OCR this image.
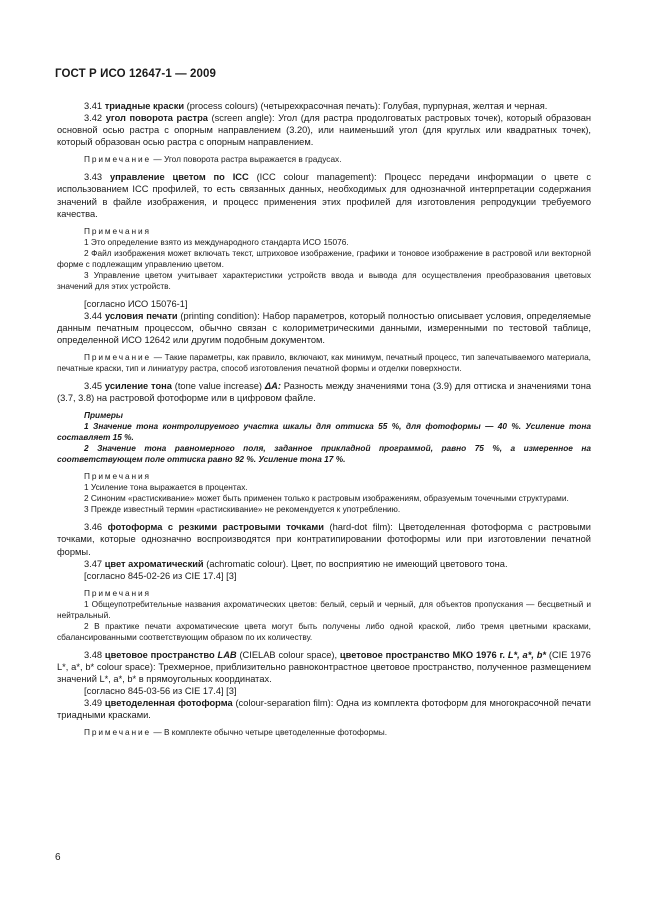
ГОСТ Р ИСО 12647-1 — 2009

3.41 триадные краски (process colours) (четырехкрасочная печать): Голубая, пурпурная, желтая и черная.

3.42 угол поворота растра (screen angle): Угол (для растра продолговатых растровых точек), который образован основной осью растра с опорным направлением (3.20), или наименьший угол (для круглых или квадратных точек), который образован осью растра с опорным направлением.

Примечание — Угол поворота растра выражается в градусах.

3.43 управление цветом по ICC (ICC colour management): Процесс передачи информации о цвете с использованием ICC профилей, то есть связанных данных, необходимых для однозначной интерпретации содержания значений в файле изображения, и процесс применения этих профилей для изготовления репродукции требуемого качества.

Примечания

1 Это определение взято из международного стандарта ИСО 15076.

2 Файл изображения может включать текст, штриховое изображение, графики и тоновое изображение в растровой или векторной форме с подлежащим управлению цветом.

3 Управление цветом учитывает характеристики устройств ввода и вывода для осуществления преобразования цветовых значений для этих устройств.

[согласно ИСО 15076-1]

3.44 условия печати (printing condition): Набор параметров, который полностью описывает условия, определяемые данным печатным процессом, обычно связан с колориметрическими данными, измеренными по тестовой таблице, определенной ИСО 12642 или другим подобным документом.

Примечание — Такие параметры, как правило, включают, как минимум, печатный процесс, тип запечатываемого материала, печатные краски, тип и линиатуру растра, способ изготовления печатной формы и отделки поверхности.

3.45 усиление тона (tone value increase) ΔA: Разность между значениями тона (3.9) для оттиска и значениями тона (3.7, 3.8) на растровой фотоформе или в цифровом файле.

Примеры

1 Значение тона контролируемого участка шкалы для оттиска 55 %, для фотоформы — 40 %. Усиление тона составляет 15 %.

2 Значение тона равномерного поля, заданное прикладной программой, равно 75 %, а измеренное на соответствующем поле оттиска равно 92 %. Усиление тона 17 %.

Примечания

1 Усиление тона выражается в процентах.

2 Синоним «растискивание» может быть применен только к растровым изображениям, образуемым точечными структурами.

3 Прежде известный термин «растискивание» не рекомендуется к употреблению.

3.46 фотоформа с резкими растровыми точками (hard-dot film): Цветоделенная фотоформа с растровыми точками, которые однозначно воспроизводятся при контратипировании фотоформы или при изготовлении печатной формы.

3.47 цвет ахроматический (achromatic colour). Цвет, по восприятию не имеющий цветового тона.

[согласно 845-02-26 из CIE 17.4] [3]

Примечания

1 Общеупотребительные названия ахроматических цветов: белый, серый и черный, для объектов пропускания — бесцветный и нейтральный.

2 В практике печати ахроматические цвета могут быть получены либо одной краской, либо тремя цветными красками, сбалансированными соответствующим образом по их количеству.

3.48 цветовое пространство LAB (CIELAB colour space), цветовое пространство МКО 1976 г. L*, a*, b* (CIE 1976 L*, a*, b* colour space): Трехмерное, приблизительно равноконтрастное цветовое пространство, полученное размещением значений L*, a*, b* в прямоугольных координатах.

[согласно 845-03-56 из CIE 17.4] [3]

3.49 цветоделенная фотоформа (colour-separation film): Одна из комплекта фотоформ для многокрасочной печати триадными красками.

Примечание — В комплекте обычно четыре цветоделенные фотоформы.

6
